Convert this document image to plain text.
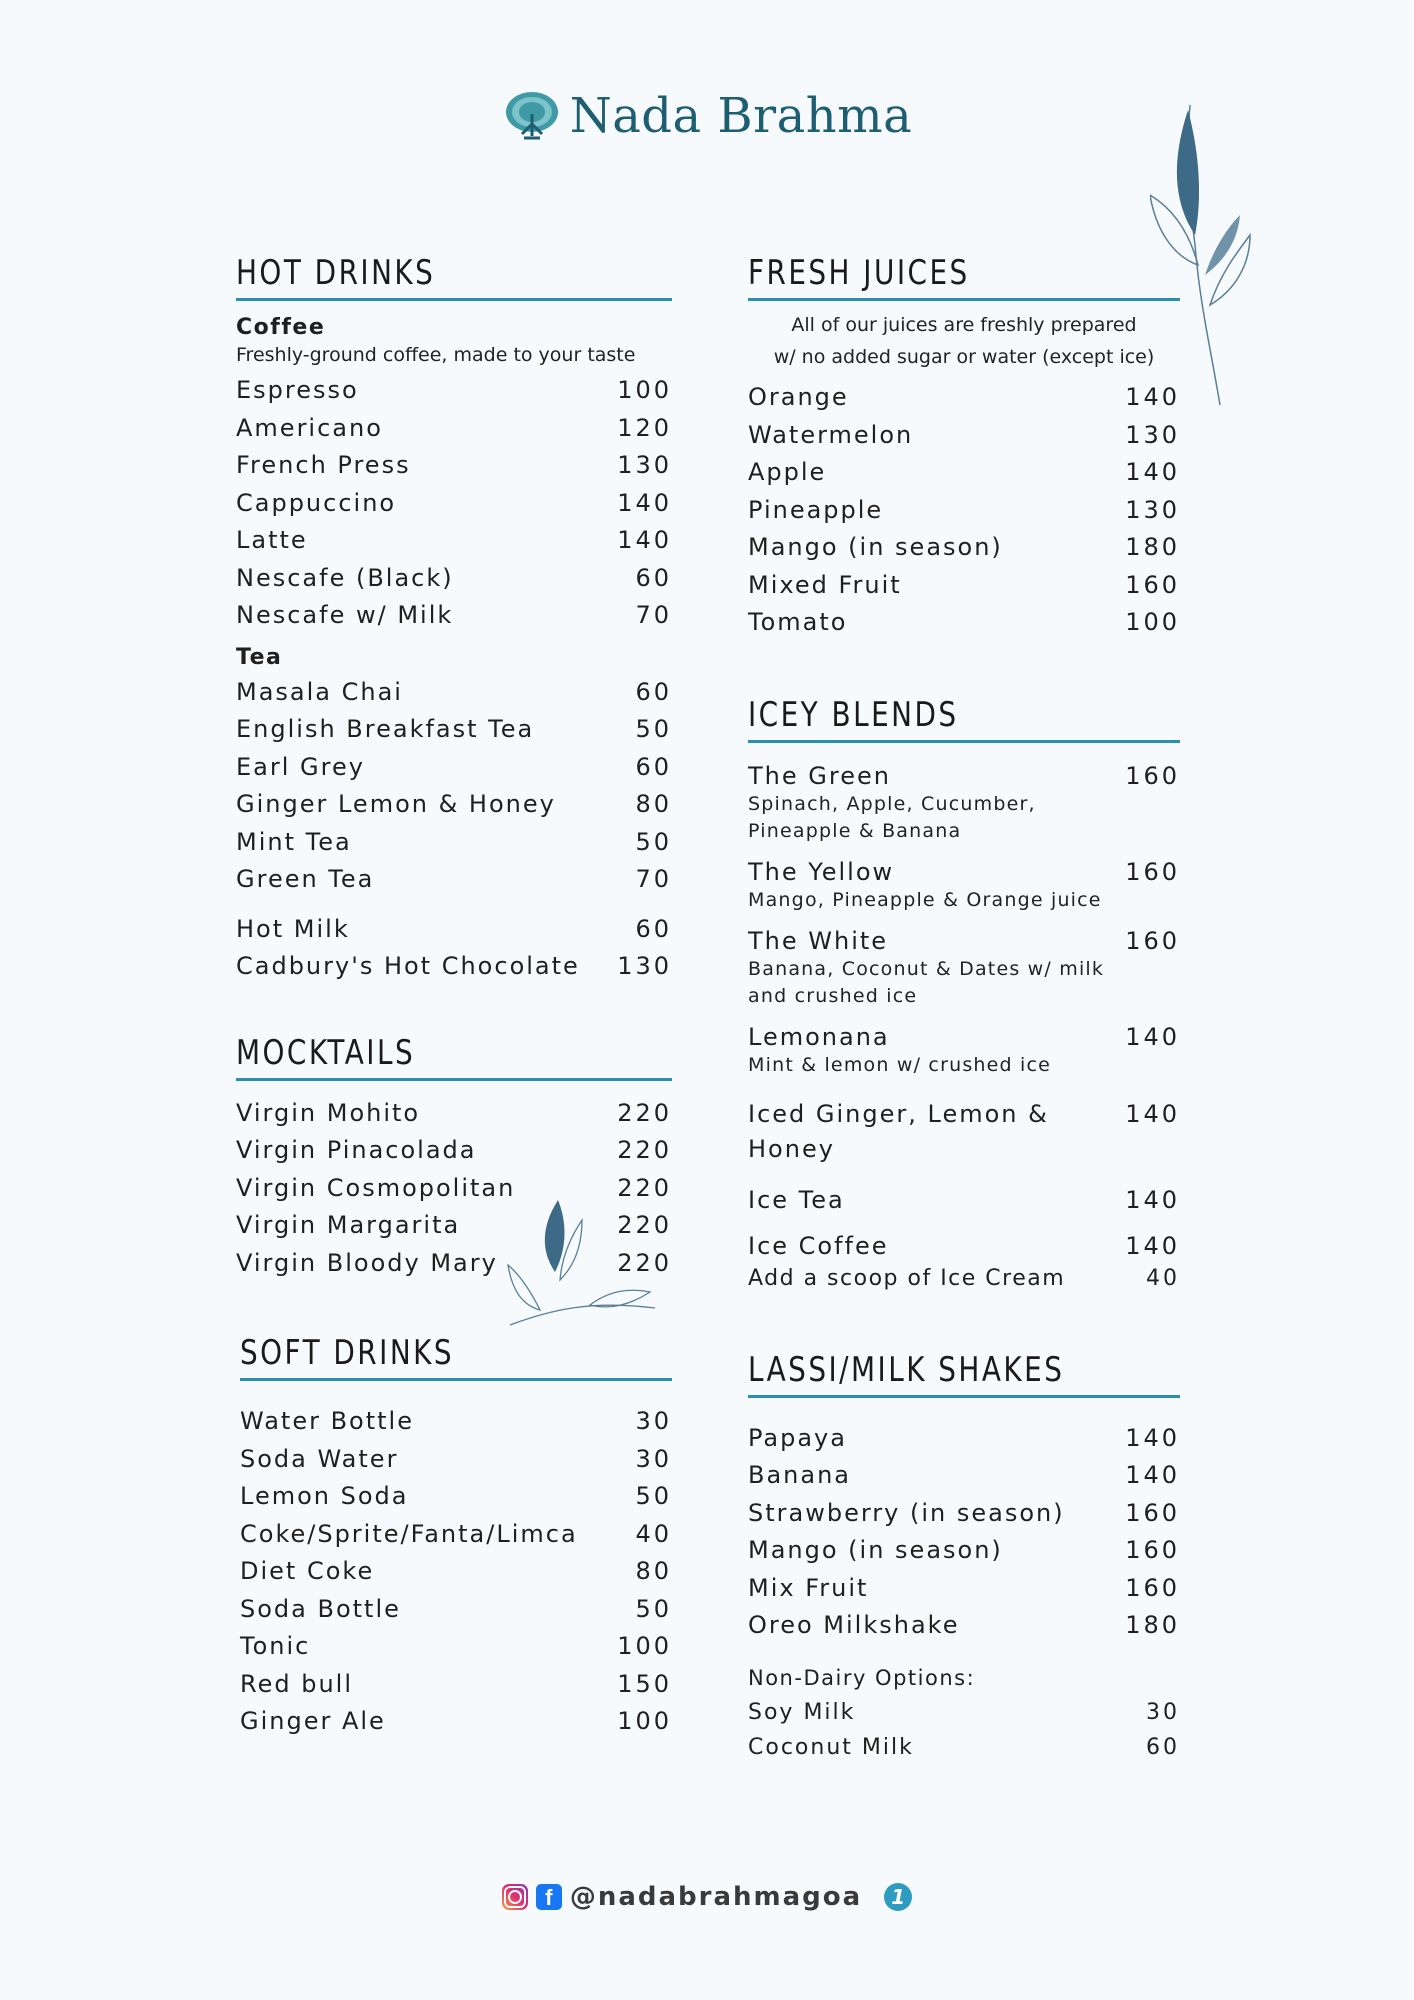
Nada Brahma
HOT DRINKS
Coffee
Freshly-ground coffee, made to your taste
Espresso	100
Americano	120
French Press	130
Cappuccino	140
Latte	140
Nescafe (Black)	60
Nescafe w/ Milk	70
Tea
Masala Chai	60
English Breakfast Tea	50
Earl Grey	60
Ginger Lemon & Honey	80
Mint Tea	50
Green Tea	70
Hot Milk	60
Cadbury's Hot Chocolate 130
MOCKTAILS
Virgin Mohito	220
Virgin Pinacolada	220
Virgin Cosmopolitan	220
Virgin Margarita	220
Virgin Bloody Mary	220
SOFT DRINKS
Water Bottle	30
Soda Water	30
Lemon Soda	50
Coke/Sprite/Fanta/Limca 40
Diet Coke	80
Soda Bottle	50
Tonic	100
Red bull	150
Ginger Ale	100
FRESH JUICES
All of our juices are freshly prepared
w/ no added sugar or water (except ice)
Orange	140
Watermelon	130
Apple	140
Pineapple	130
Mango (in season)	180
Mixed Fruit	160
Tomato	100
ICEY BLENDS
The Green	160
Spinach, Apple, Cucumber, Pineapple & Banana
The Yellow	160
Mango, Pineapple & Orange juice
The White	160
Banana, Coconut & Dates w/ milk and crushed ice
Lemonana	140
Mint & lemon w/ crushed ice
Iced Ginger, Lemon & Honey
140
Ice Tea	140
Ice Coffee	140
Add a scoop of Ice Cream	40
LASSI/MILK SHAKES
Papaya	140
Banana	140
Strawberry (in season)	160
Mango (in season)	160
Mix Fruit	160
Oreo Milkshake	180
Non-Dairy Options:
Soy Milk	30
Coconut Milk	60
f @nadabrahmagoa	1
